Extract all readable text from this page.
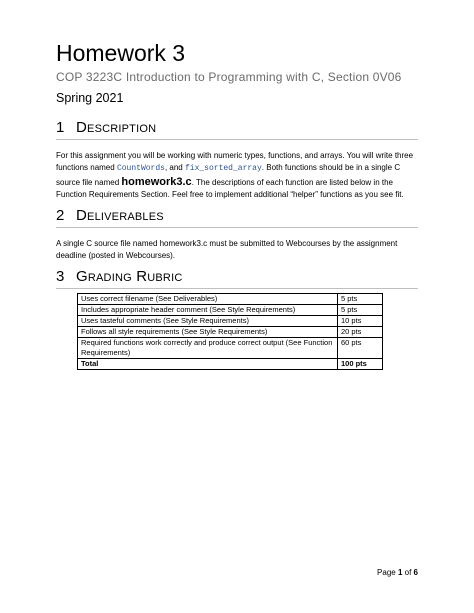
Homework 3
COP 3223C Introduction to Programming with C, Section 0V06
Spring 2021
1 Description
For this assignment you will be working with numeric types, functions, and arrays. You will write three functions named CountWords, and fix_sorted_array. Both functions should be in a single C source file named homework3.c. The descriptions of each function are listed below in the Function Requirements Section. Feel free to implement additional “helper” functions as you see fit.
2 Deliverables
A single C source file named homework3.c must be submitted to Webcourses by the assignment deadline (posted in Webcourses).
3 Grading Rubric
Uses correct filename (See Deliverables)	5 pts
Includes appropriate header comment (See Style Requirements)	5 pts
Uses tasteful comments (See Style Requirements)	10 pts
Follows all style requirements (See Style Requirements)	20 pts
Required functions work correctly and produce correct output (See Function Requirements)	60 pts
Total	100 pts
Page 1 of 6
